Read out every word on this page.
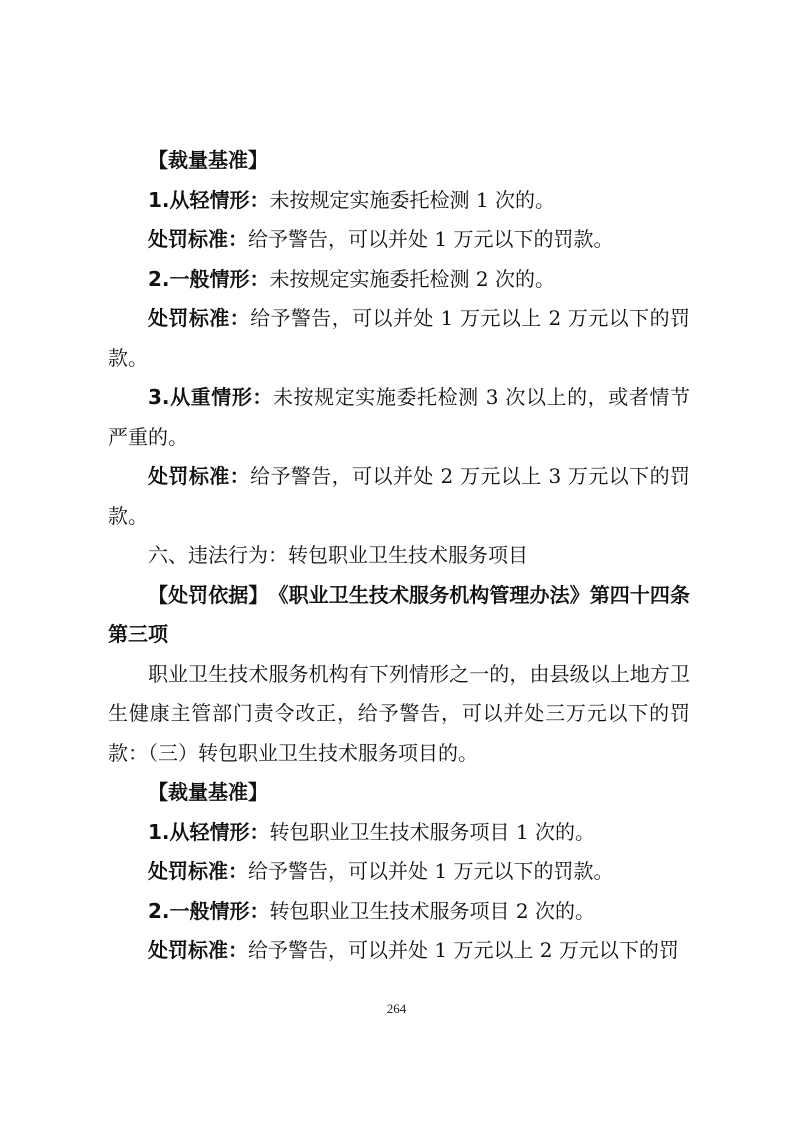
【裁量基准】

1.从轻情形：未按规定实施委托检测 1 次的。

处罚标准：给予警告，可以并处 1 万元以下的罚款。

2.一般情形：未按规定实施委托检测 2 次的。

处罚标准：给予警告，可以并处 1 万元以上 2 万元以下的罚款。

3.从重情形：未按规定实施委托检测 3 次以上的，或者情节严重的。

处罚标准：给予警告，可以并处 2 万元以上 3 万元以下的罚款。

六、违法行为：转包职业卫生技术服务项目

【处罚依据】　《职业卫生技术服务机构管理办法》第四十四条第三项

职业卫生技术服务机构有下列情形之一的，由县级以上地方卫生健康主管部门责令改正，给予警告，可以并处三万元以下的罚款：（三）转包职业卫生技术服务项目的。

【裁量基准】

1.从轻情形：转包职业卫生技术服务项目 1 次的。

处罚标准：给予警告，可以并处 1 万元以下的罚款。

2.一般情形：转包职业卫生技术服务项目 2 次的。

处罚标准：给予警告，可以并处 1 万元以上 2 万元以下的罚

264
